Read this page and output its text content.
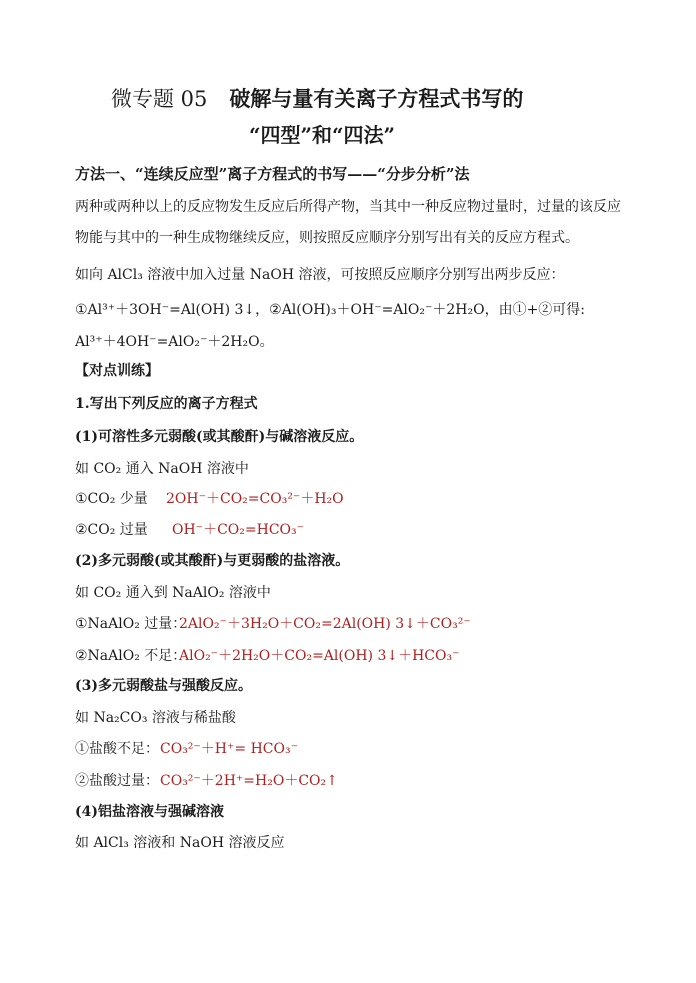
微专题 05 破解与量有关离子方程式书写的
“四型”和“四法”
方法一、“连续反应型”离子方程式的书写——“分步分析”法
两种或两种以上的反应物发生反应后所得产物，当其中一种反应物过量时，过量的该反应
物能与其中的一种生成物继续反应，则按照反应顺序分别写出有关的反应方程式。
如向 AlCl₃ 溶液中加入过量 NaOH 溶液，可按照反应顺序分别写出两步反应：
①Al³⁺＋3OH⁻=Al(OH) 3↓，②Al(OH)₃＋OH⁻=AlO₂⁻＋2H₂O，由①+②可得:
Al³⁺＋4OH⁻=AlO₂⁻＋2H₂O。
【对点训练】
1.写出下列反应的离子方程式
(1)可溶性多元弱酸(或其酸酐)与碱溶液反应。
如 CO₂ 通入 NaOH 溶液中
①CO₂ 少量 2OH⁻＋CO₂=CO₃²⁻＋H₂O
②CO₂ 过量 OH⁻＋CO₂=HCO₃⁻
(2)多元弱酸(或其酸酐)与更弱酸的盐溶液。
如 CO₂ 通入到 NaAlO₂ 溶液中
①NaAlO₂ 过量：
2AlO₂⁻＋3H₂O＋CO₂=2Al(OH) 3↓＋CO₃²⁻
②NaAlO₂ 不足：
AlO₂⁻＋2H₂O＋CO₂=Al(OH) 3↓＋HCO₃⁻
(3)多元弱酸盐与强酸反应。
如 Na₂CO₃ 溶液与稀盐酸
①盐酸不足： CO₃²⁻＋H⁺= HCO₃⁻
②盐酸过量： CO₃²⁻＋2H⁺=H₂O＋CO₂↑
(4)铝盐溶液与强碱溶液
如 AlCl₃ 溶液和 NaOH 溶液反应
